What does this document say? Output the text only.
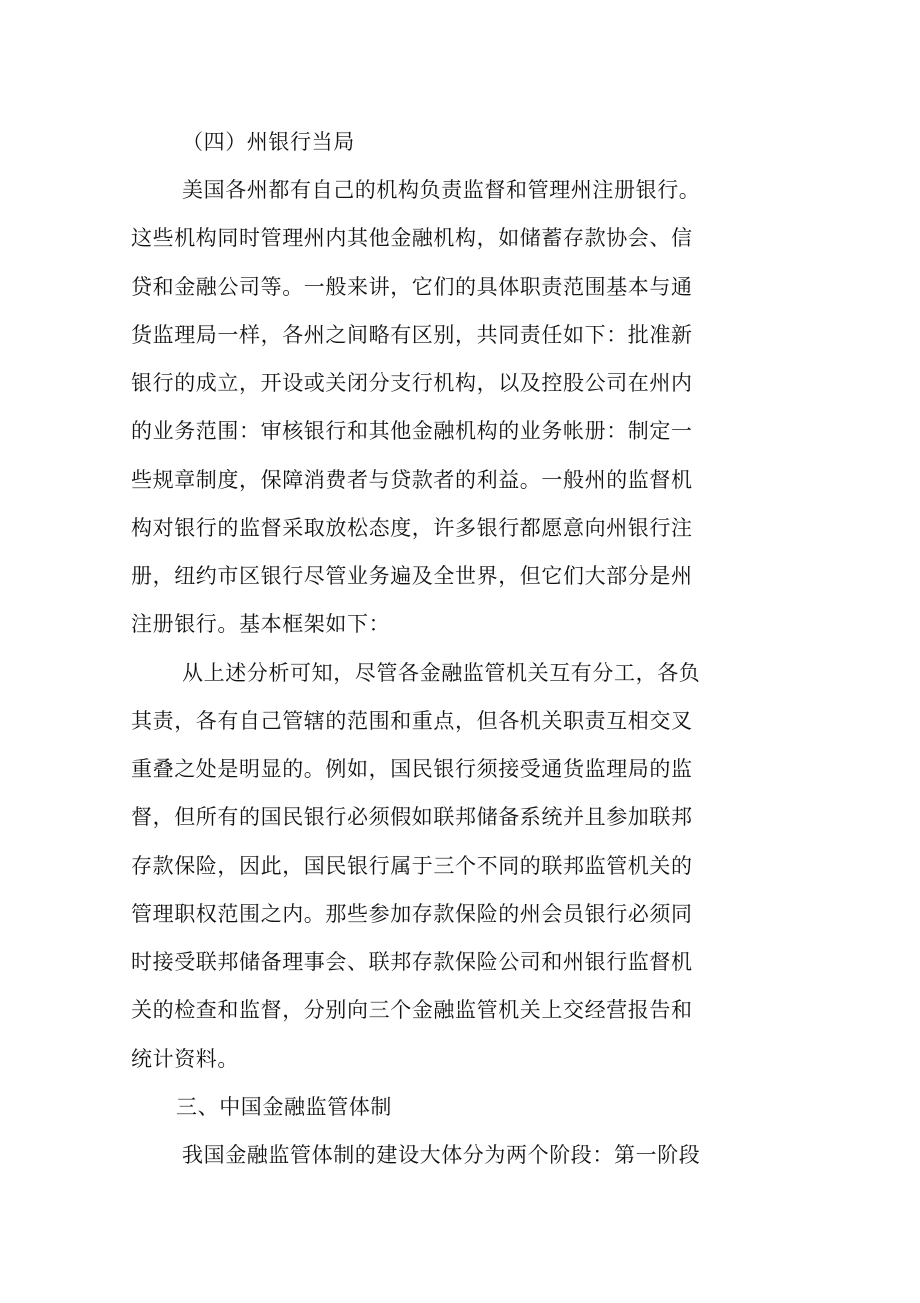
（四）州银行当局
美国各州都有自己的机构负责监督和管理州注册银行。
这些机构同时管理州内其他金融机构，如储蓄存款协会、信
贷和金融公司等。一般来讲，它们的具体职责范围基本与通
货监理局一样，各州之间略有区别，共同责任如下：批准新
银行的成立，开设或关闭分支行机构，以及控股公司在州内
的业务范围：审核银行和其他金融机构的业务帐册：制定一
些规章制度，保障消费者与贷款者的利益。一般州的监督机
构对银行的监督采取放松态度，许多银行都愿意向州银行注
册，纽约市区银行尽管业务遍及全世界，但它们大部分是州
注册银行。基本框架如下：
从上述分析可知，尽管各金融监管机关互有分工，各负
其责，各有自己管辖的范围和重点，但各机关职责互相交叉
重叠之处是明显的。例如，国民银行须接受通货监理局的监
督，但所有的国民银行必须假如联邦储备系统并且参加联邦
存款保险，因此，国民银行属于三个不同的联邦监管机关的
管理职权范围之内。那些参加存款保险的州会员银行必须同
时接受联邦储备理事会、联邦存款保险公司和州银行监督机
关的检查和监督，分别向三个金融监管机关上交经营报告和
统计资料。
三、中国金融监管体制
我国金融监管体制的建设大体分为两个阶段：第一阶段
